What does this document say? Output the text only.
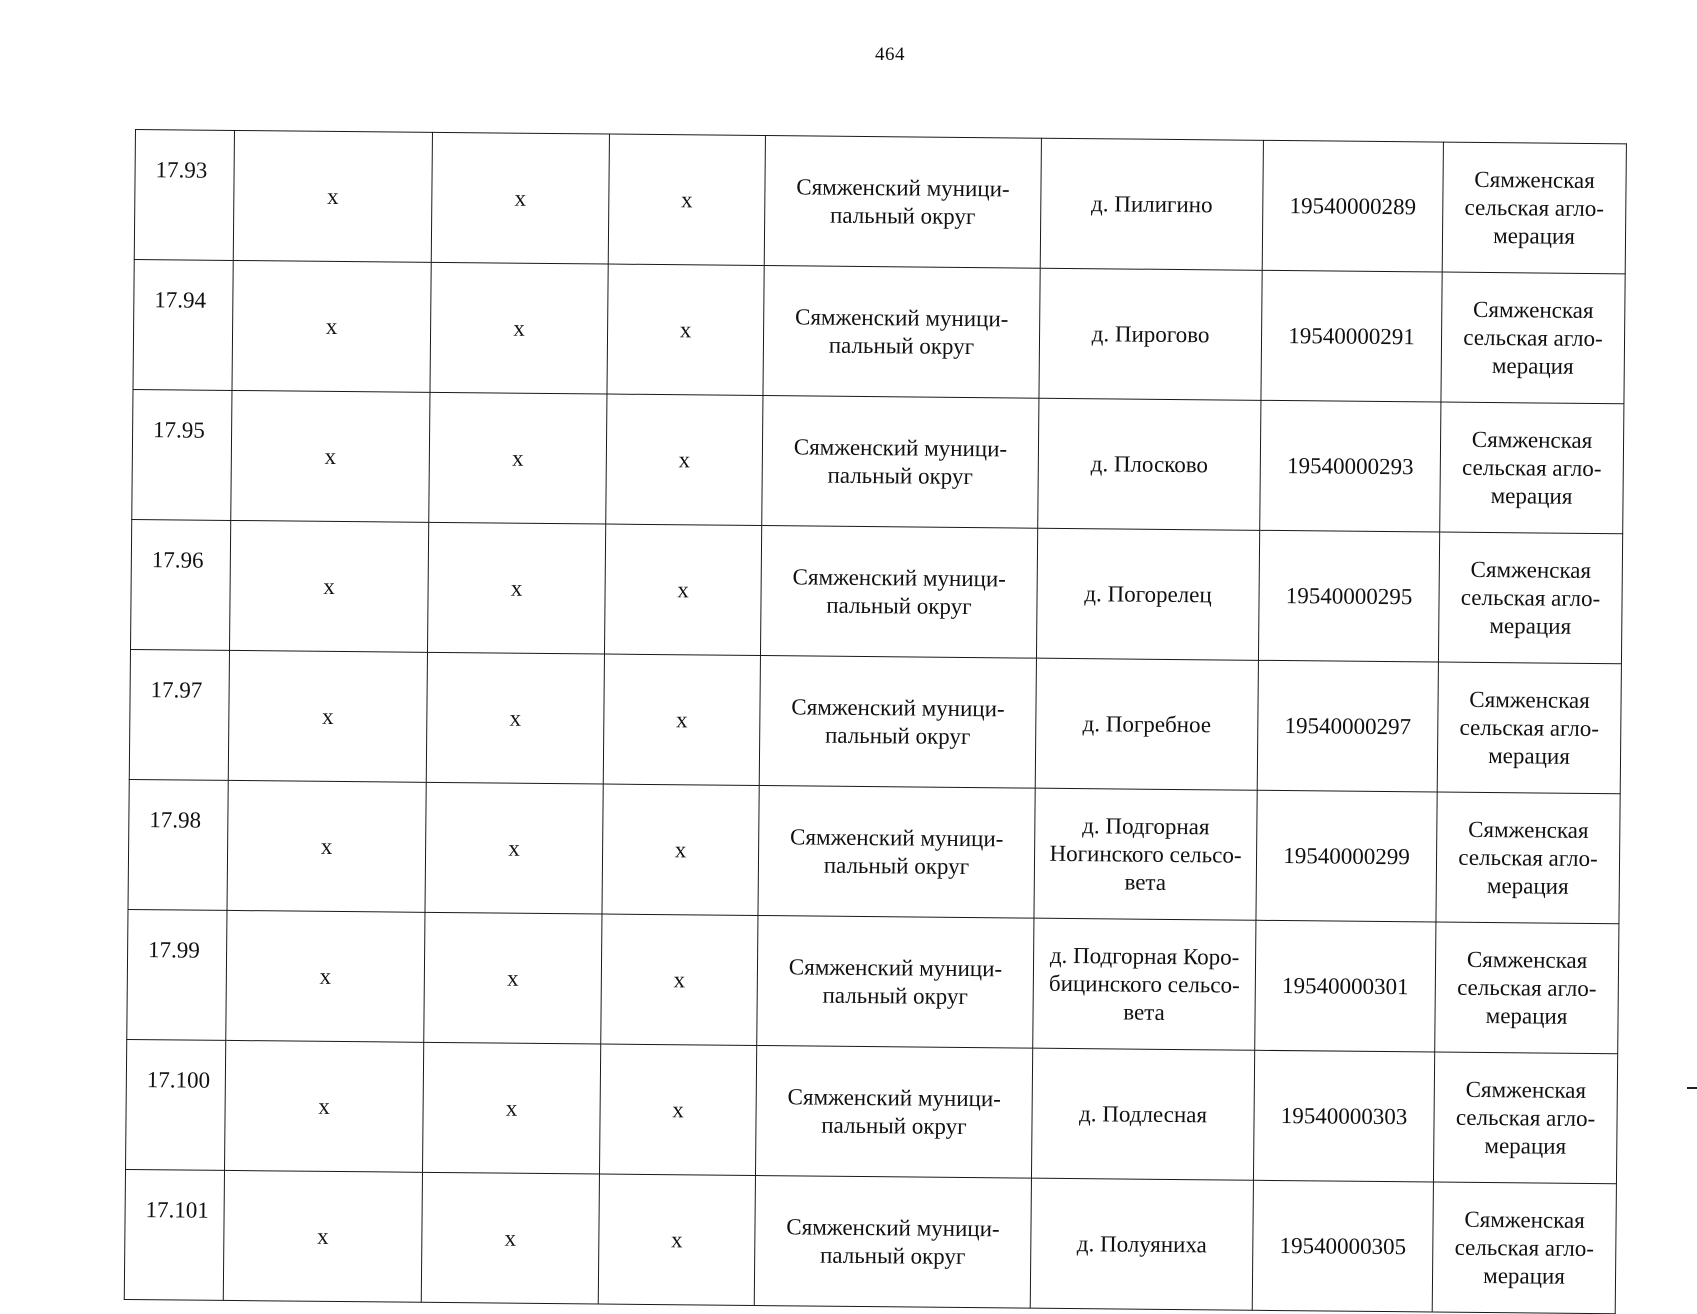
464
17.93	x	x	x	Сямженский муници-пальный округ	д. Пилигино	19540000289	Сямженская сельская агло-мерация
17.94	x	x	x	Сямженский муници-пальный округ	д. Пирогово	19540000291	Сямженская сельская агло-мерация
17.95	x	x	x	Сямженский муници-пальный округ	д. Плосково	19540000293	Сямженская сельская агло-мерация
17.96	x	x	x	Сямженский муници-пальный округ	д. Погорелец	19540000295	Сямженская сельская агло-мерация
17.97	x	x	x	Сямженский муници-пальный округ	д. Погребное	19540000297	Сямженская сельская агло-мерация
17.98	x	x	x	Сямженский муници-пальный округ	д. Подгорная Ногинского сельсо-вета	19540000299	Сямженская сельская агло-мерация
17.99	x	x	x	Сямженский муници-пальный округ	д. Подгорная Коро-бицинского сельсо-вета	19540000301	Сямженская сельская агло-мерация
17.100	x	x	x	Сямженский муници-пальный округ	д. Подлесная	19540000303	Сямженская сельская агло-мерация
17.101	x	x	x	Сямженский муници-пальный округ	д. Полуяниха	19540000305	Сямженская сельская агло-мерация
